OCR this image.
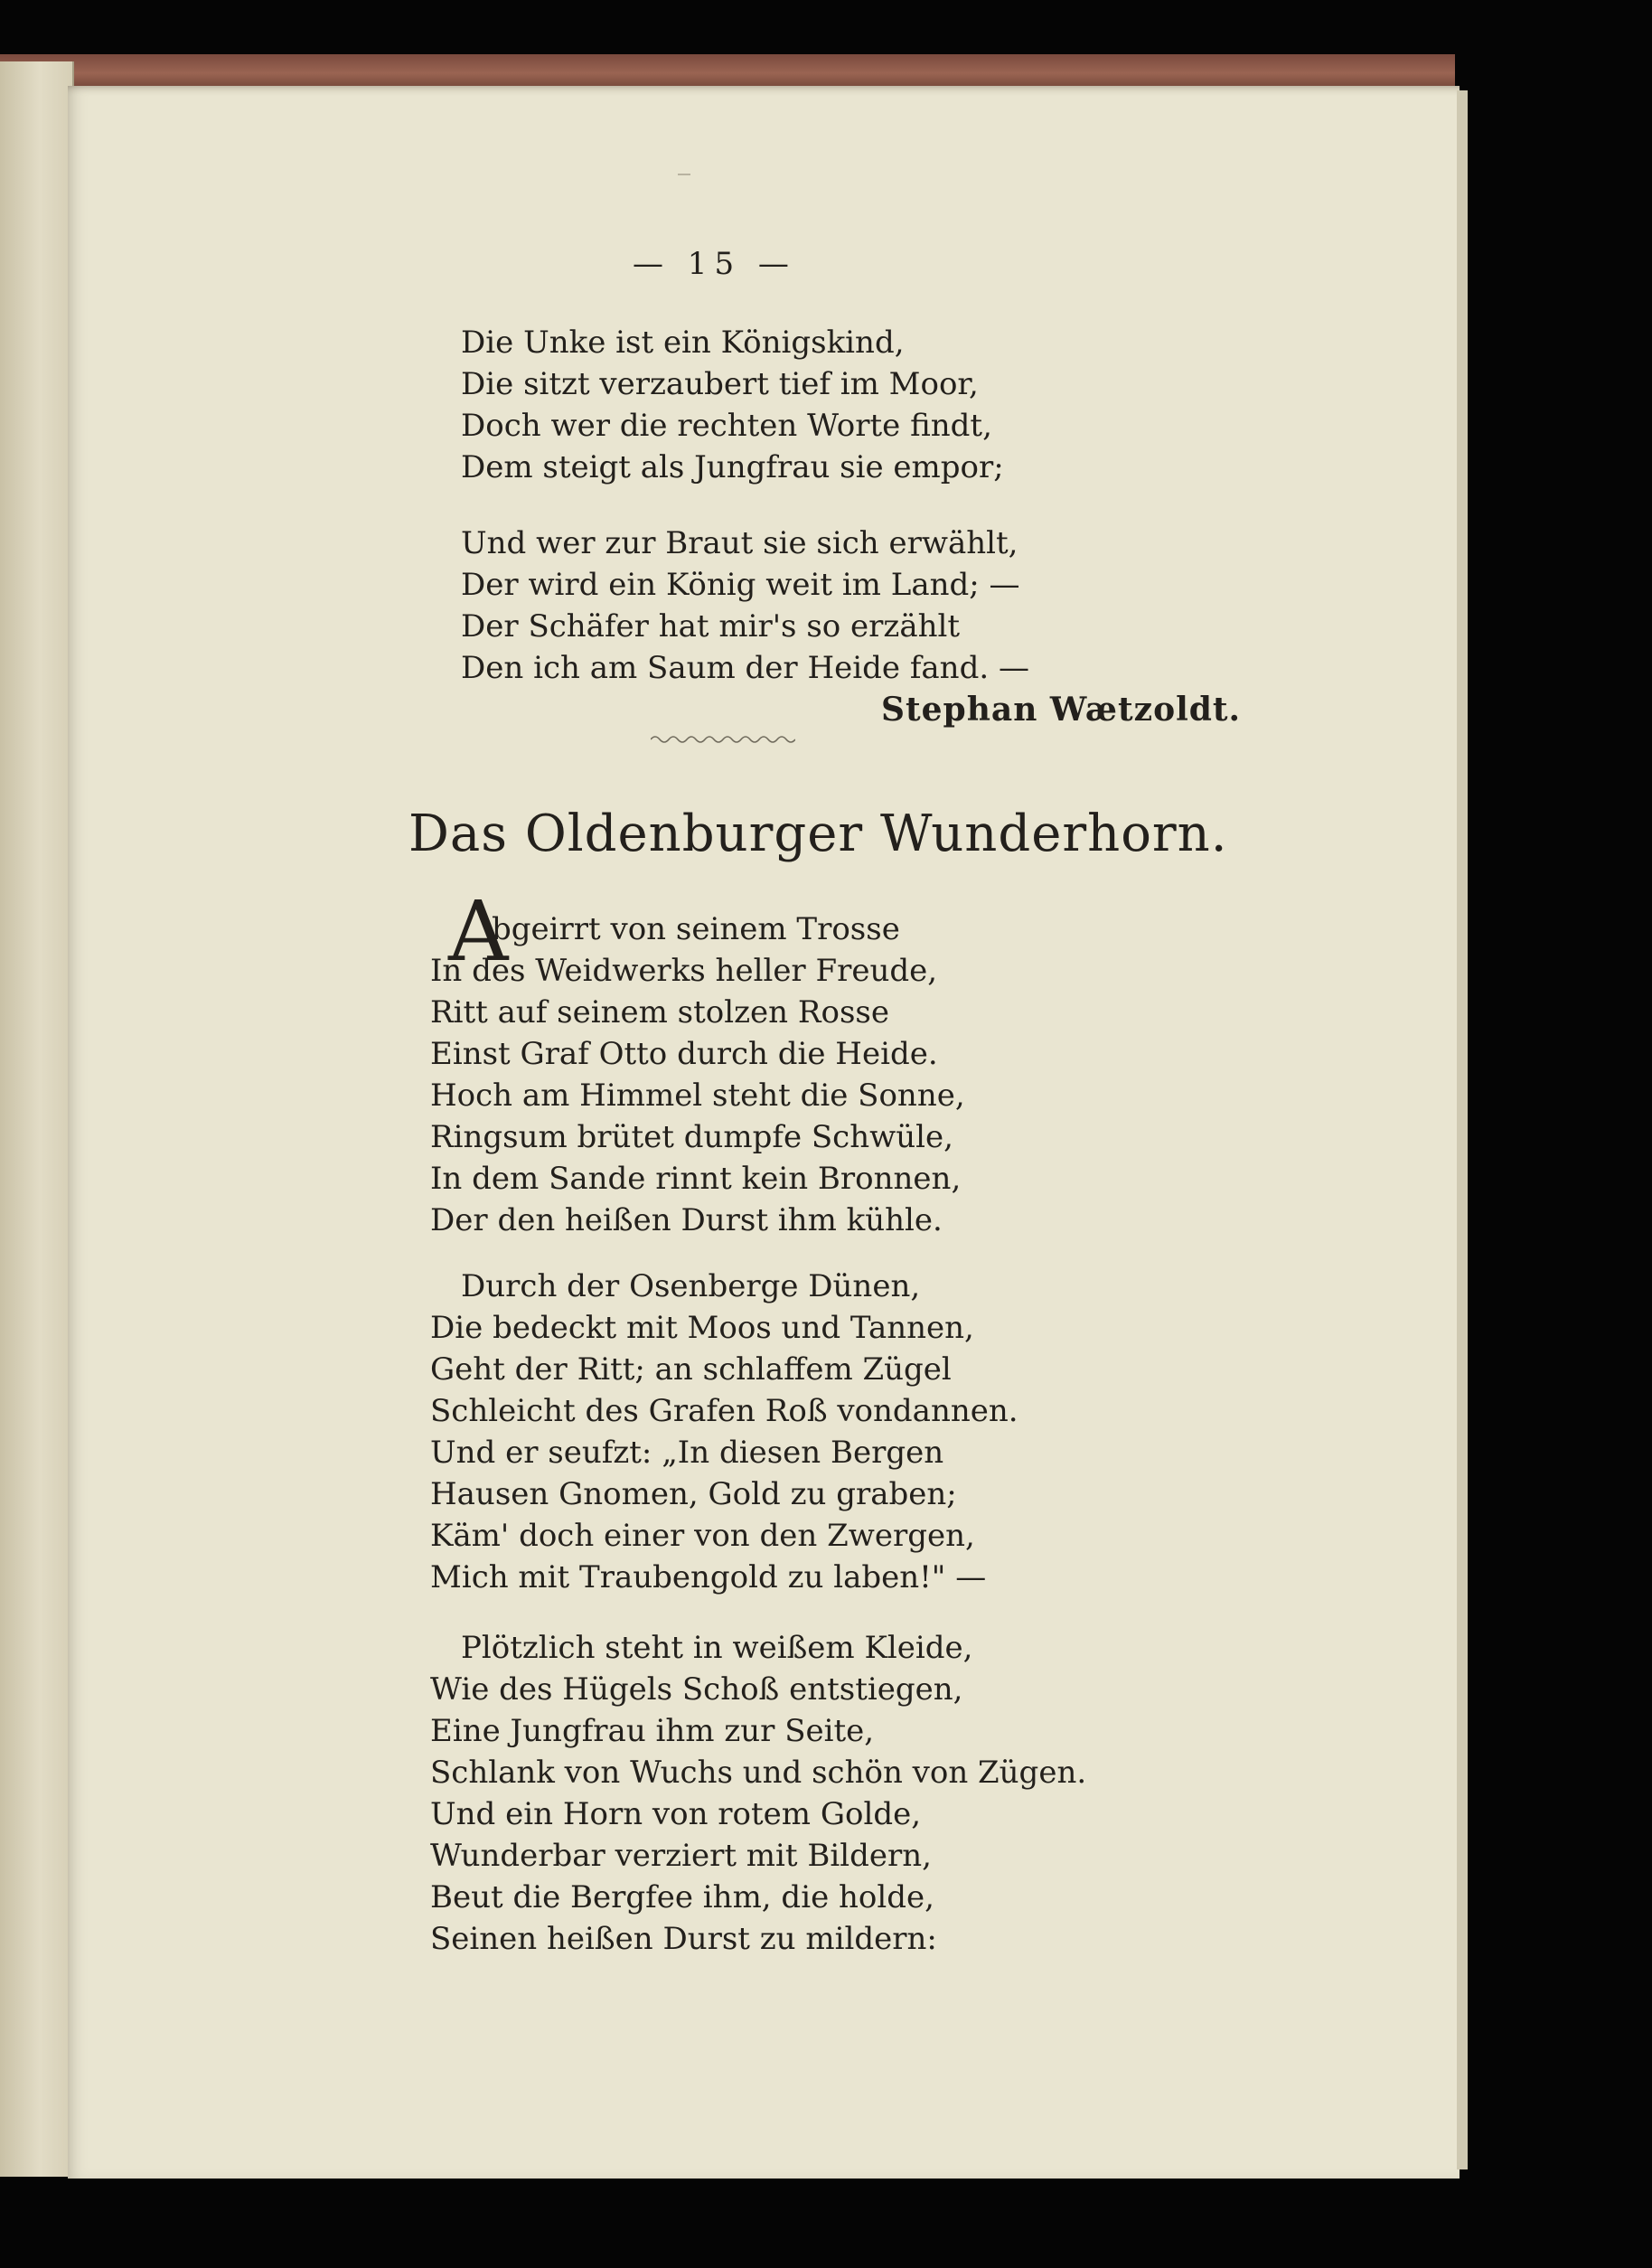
— 15 —
Die Unke ist ein Königskind,
Die sitzt verzaubert tief im Moor,
Doch wer die rechten Worte findt,
Dem steigt als Jungfrau sie empor;
Und wer zur Braut sie sich erwählt,
Der wird ein König weit im Land; —
Der Schäfer hat mir's so erzählt
Den ich am Saum der Heide fand. —
Stephan Wætzoldt.
Das Oldenburger Wunderhorn.
A
bgeirrt von seinem Trosse
In des Weidwerks heller Freude,
Ritt auf seinem stolzen Rosse
Einst Graf Otto durch die Heide.
Hoch am Himmel steht die Sonne,
Ringsum brütet dumpfe Schwüle,
In dem Sande rinnt kein Bronnen,
Der den heißen Durst ihm kühle.
Durch der Osenberge Dünen,
Die bedeckt mit Moos und Tannen,
Geht der Ritt; an schlaffem Zügel
Schleicht des Grafen Roß vondannen.
Und er seufzt: „In diesen Bergen
Hausen Gnomen, Gold zu graben;
Käm' doch einer von den Zwergen,
Mich mit Traubengold zu laben!" —
Plötzlich steht in weißem Kleide,
Wie des Hügels Schoß entstiegen,
Eine Jungfrau ihm zur Seite,
Schlank von Wuchs und schön von Zügen.
Und ein Horn von rotem Golde,
Wunderbar verziert mit Bildern,
Beut die Bergfee ihm, die holde,
Seinen heißen Durst zu mildern:
